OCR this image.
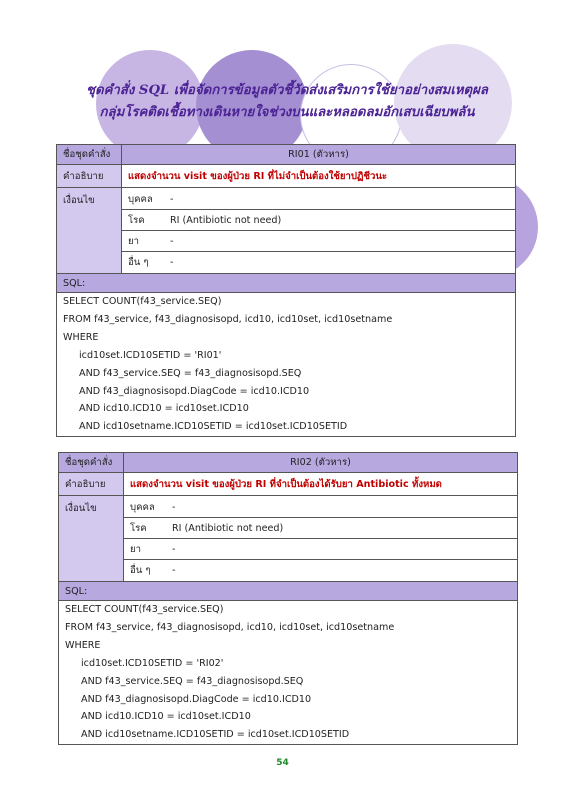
ชุดคำสั่ง SQL เพื่อจัดการข้อมูลตัวชี้วัดส่งเสริมการใช้ยาอย่างสมเหตุผล
กลุ่มโรคติดเชื้อทางเดินหายใจช่วงบนและหลอดลมอักเสบเฉียบพลัน
ชื่อชุดคำสั่ง	RI01 (ตัวหาร)
คำอธิบาย	แสดงจำนวน visit ของผู้ป่วย RI ที่ไม่จำเป็นต้องใช้ยาปฏิชีวนะ
เงื่อนไข		บุคคล	-
โรค	RI (Antibiotic not need)
ยา	-
อื่น ๆ	-

SQL:

SELECT COUNT(f43_service.SEQ)
FROM f43_service, f43_diagnosisopd, icd10, icd10set, icd10setname
WHERE
icd10set.ICD10SETID = 'RI01'
AND f43_service.SEQ = f43_diagnosisopd.SEQ
AND f43_diagnosisopd.DiagCode = icd10.ICD10
AND icd10.ICD10 = icd10set.ICD10
AND icd10setname.ICD10SETID = icd10set.ICD10SETID
ชื่อชุดคำสั่ง	RI02 (ตัวหาร)
คำอธิบาย	แสดงจำนวน visit ของผู้ป่วย RI ที่จำเป็นต้องได้รับยา Antibiotic ทั้งหมด
เงื่อนไข		บุคคล	-
โรค	RI (Antibiotic not need)
ยา	-
อื่น ๆ	-

SQL:

SELECT COUNT(f43_service.SEQ)
FROM f43_service, f43_diagnosisopd, icd10, icd10set, icd10setname
WHERE
icd10set.ICD10SETID = 'RI02'
AND f43_service.SEQ = f43_diagnosisopd.SEQ
AND f43_diagnosisopd.DiagCode = icd10.ICD10
AND icd10.ICD10 = icd10set.ICD10
AND icd10setname.ICD10SETID = icd10set.ICD10SETID
54
